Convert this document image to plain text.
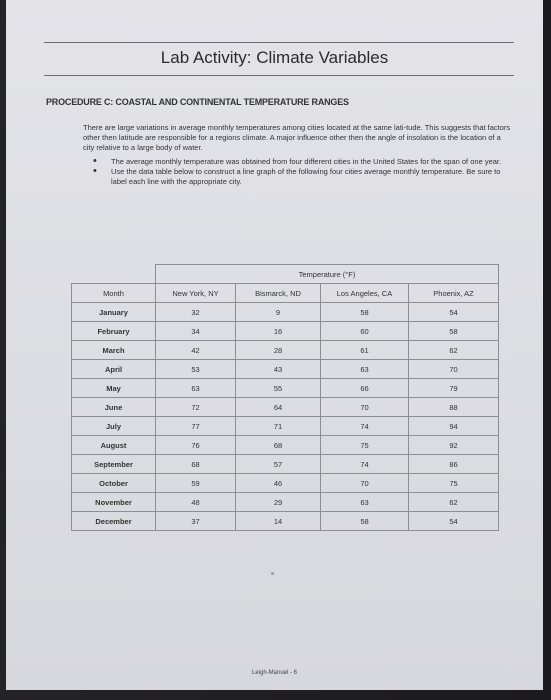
Lab Activity: Climate Variables
PROCEDURE C: COASTAL AND CONTINENTAL TEMPERATURE RANGES
There are large variations in average monthly temperatures among cities located at the same lati-tude. This suggests that factors other then latitude are responsible for a regions climate. A major influence other then the angle of insolation is the location of a city relative to a large body of water.
• The average monthly temperature was obtained from four different cities in the United States for the span of one year.
• Use the data table below to construct a line graph of the following four cities average monthly temperature. Be sure to label each line with the appropriate city.
	Temperature (°F)			
Month	New York, NY	Bismarck, ND	Los Angeles, CA	Phoenix, AZ
January	32	9	58	54
February	34	16	60	58
March	42	28	61	62
April	53	43	63	70
May	63	55	66	79
June	72	64	70	88
July	77	71	74	94
August	76	68	75	92
September	68	57	74	86
October	59	46	70	75
November	48	29	63	62
December	37	14	58	54
Leigh-Manuel - 6
